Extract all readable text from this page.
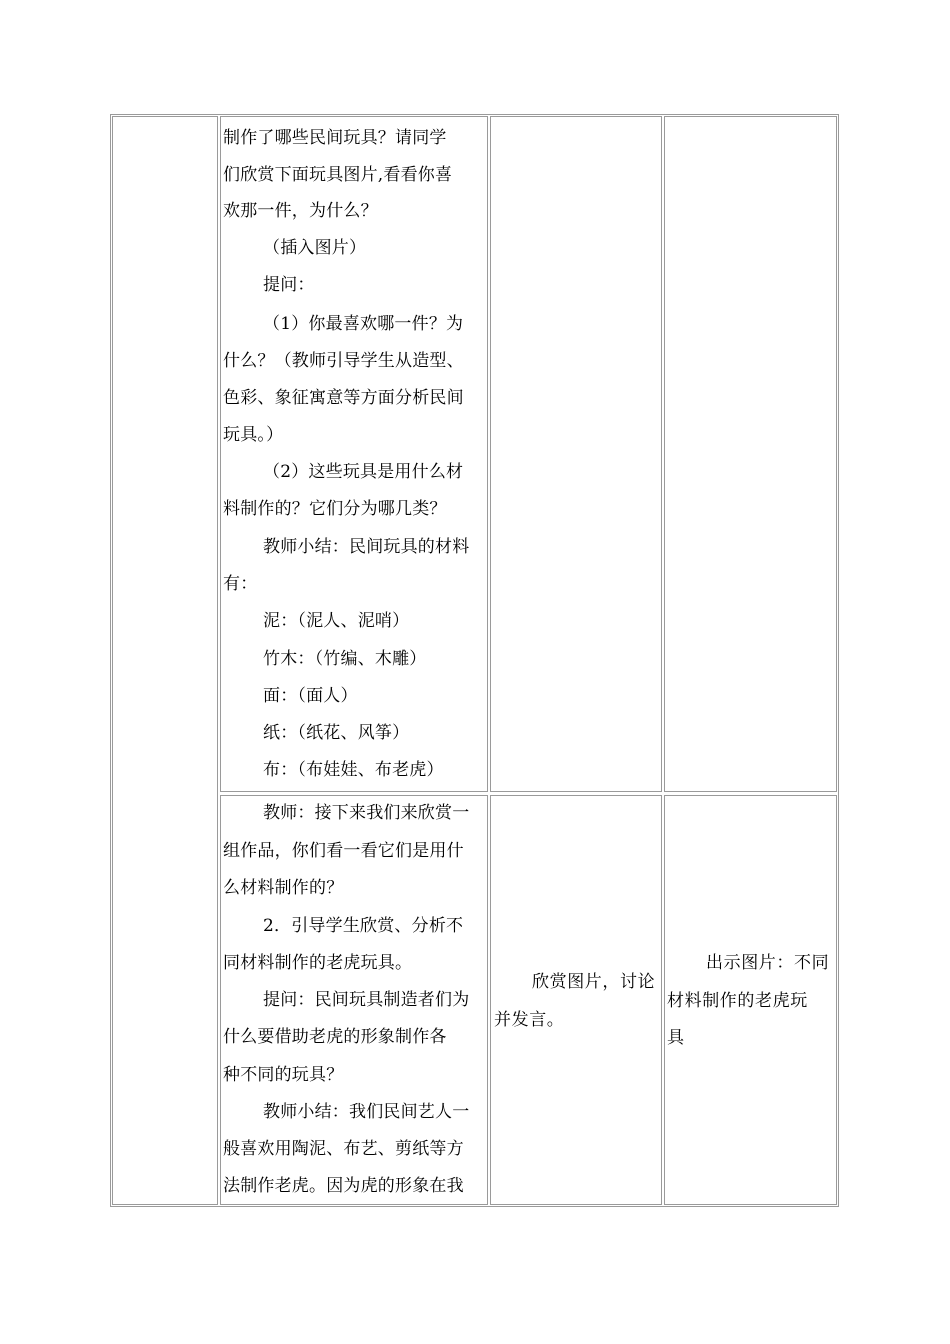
制作了哪些民间玩具？请同学
们欣赏下面玩具图片,看看你喜
欢那一件，为什么？
（插入图片）
提问：
（1）你最喜欢哪一件？为
什么？（教师引导学生从造型、
色彩、象征寓意等方面分析民间
玩具。）
（2）这些玩具是用什么材
料制作的？它们分为哪几类？
教师小结：民间玩具的材料
有：
泥：（泥人、泥哨）
竹木：（竹编、木雕）
面：（面人）
纸：（纸花、风筝）
布：（布娃娃、布老虎）
教师：接下来我们来欣赏一
组作品，你们看一看它们是用什
么材料制作的？
2．引导学生欣赏、分析不
同材料制作的老虎玩具。
提问：民间玩具制造者们为
什么要借助老虎的形象制作各
种不同的玩具？
教师小结：我们民间艺人一
般喜欢用陶泥、布艺、剪纸等方
法制作老虎。因为虎的形象在我
欣赏图片，讨论
并发言。
出示图片：不同
材料制作的老虎玩
具
